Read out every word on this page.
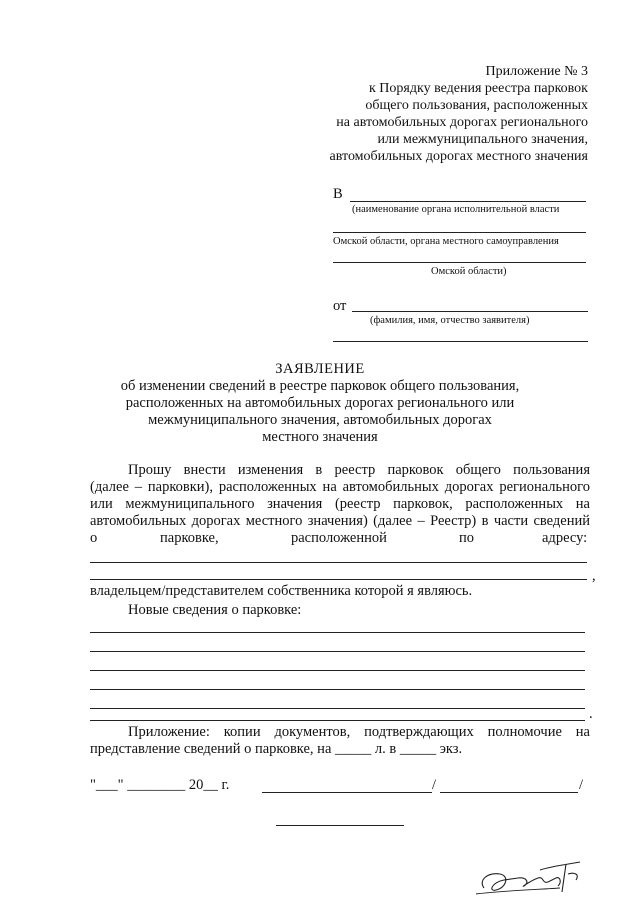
Приложение № 3
к Порядку ведения реестра парковок
общего пользования, расположенных
на автомобильных дорогах регионального
или межмуниципального значения,
автомобильных дорогах местного значения
В
(наименование органа исполнительной власти
Омской области, органа местного самоуправления
Омской области)
от
(фамилия, имя, отчество заявителя)
ЗАЯВЛЕНИЕ
об изменении сведений в реестре парковок общего пользования,
расположенных на автомобильных дорогах регионального или
межмуниципального значения, автомобильных дорогах
местного значения
Прошу внести изменения в реестр парковок общего пользования
(далее – парковки), расположенных на автомобильных дорогах регионального
или межмуниципального значения (реестр парковок, расположенных на
автомобильных дорогах местного значения) (далее – Реестр) в части сведений
о	парковке,	расположенной	по	адресу:
,
владельцем/представителем собственника которой я являюсь.
Новые сведения о парковке:
.
Приложение: копии документов, подтверждающих полномочие на
представление сведений о парковке, на _____ л. в _____ экз.
"___" ________ 20__ г.	/	/
